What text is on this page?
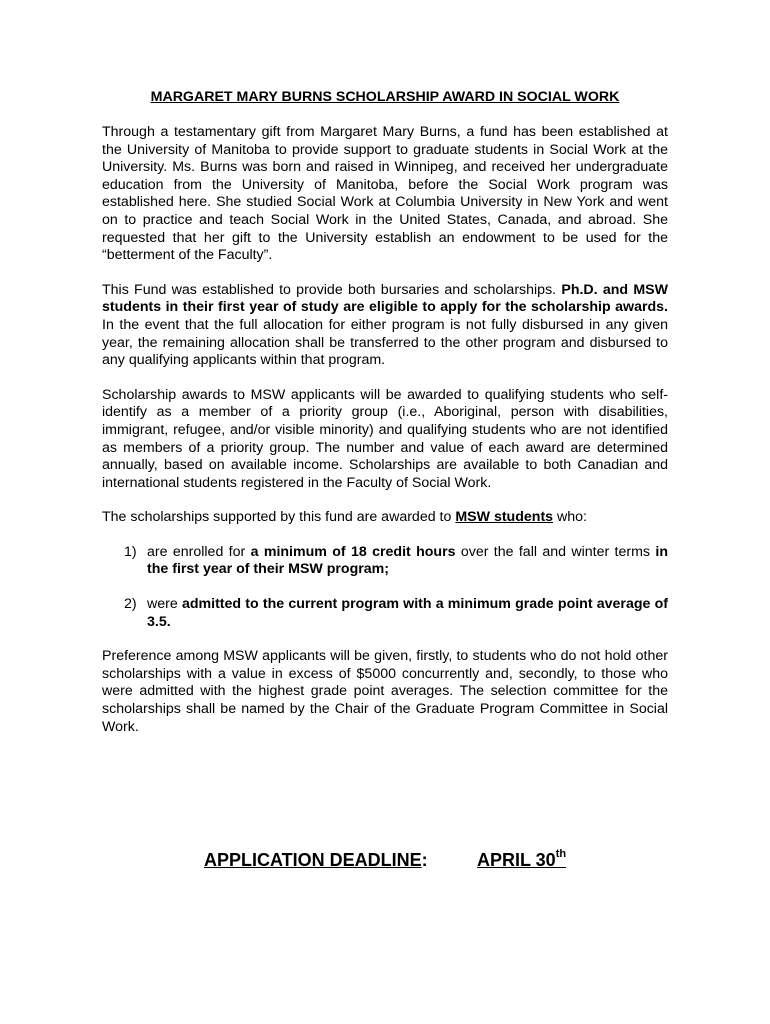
MARGARET MARY BURNS SCHOLARSHIP AWARD IN SOCIAL WORK

Through a testamentary gift from Margaret Mary Burns, a fund has been established at the University of Manitoba to provide support to graduate students in Social Work at the University. Ms. Burns was born and raised in Winnipeg, and received her undergraduate education from the University of Manitoba, before the Social Work program was established here. She studied Social Work at Columbia University in New York and went on to practice and teach Social Work in the United States, Canada, and abroad. She requested that her gift to the University establish an endowment to be used for the “betterment of the Faculty”.

This Fund was established to provide both bursaries and scholarships. Ph.D. and MSW students in their first year of study are eligible to apply for the scholarship awards. In the event that the full allocation for either program is not fully disbursed in any given year, the remaining allocation shall be transferred to the other program and disbursed to any qualifying applicants within that program.

Scholarship awards to MSW applicants will be awarded to qualifying students who self-identify as a member of a priority group (i.e., Aboriginal, person with disabilities, immigrant, refugee, and/or visible minority) and qualifying students who are not identified as members of a priority group. The number and value of each award are determined annually, based on available income. Scholarships are available to both Canadian and international students registered in the Faculty of Social Work.

The scholarships supported by this fund are awarded to MSW students who:

1) are enrolled for a minimum of 18 credit hours over the fall and winter terms in the first year of their MSW program;
2) were admitted to the current program with a minimum grade point average of 3.5.

Preference among MSW applicants will be given, firstly, to students who do not hold other scholarships with a value in excess of $5000 concurrently and, secondly, to those who were admitted with the highest grade point averages. The selection committee for the scholarships shall be named by the Chair of the Graduate Program Committee in Social Work.

APPLICATION DEADLINE:	APRIL 30th
